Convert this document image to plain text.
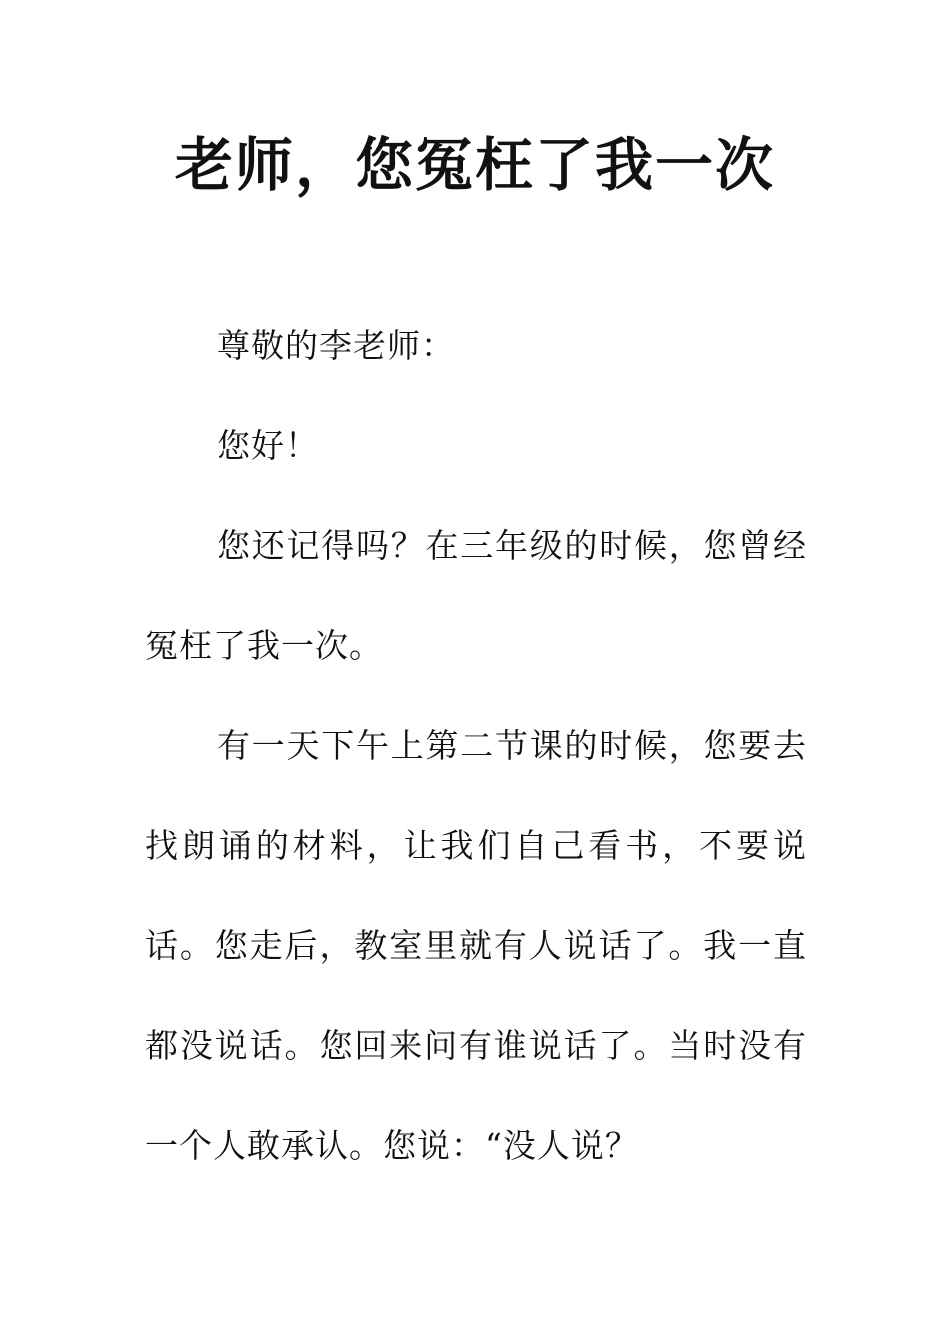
老师，您冤枉了我一次

尊敬的李老师：

您好！

您还记得吗？在三年级的时候，您曾经冤枉了我一次。

有一天下午上第二节课的时候，您要去找朗诵的材料，让我们自己看书，不要说话。您走后，教室里就有人说话了。我一直都没说话。您回来问有谁说话了。当时没有一个人敢承认。您说：“没人说？
